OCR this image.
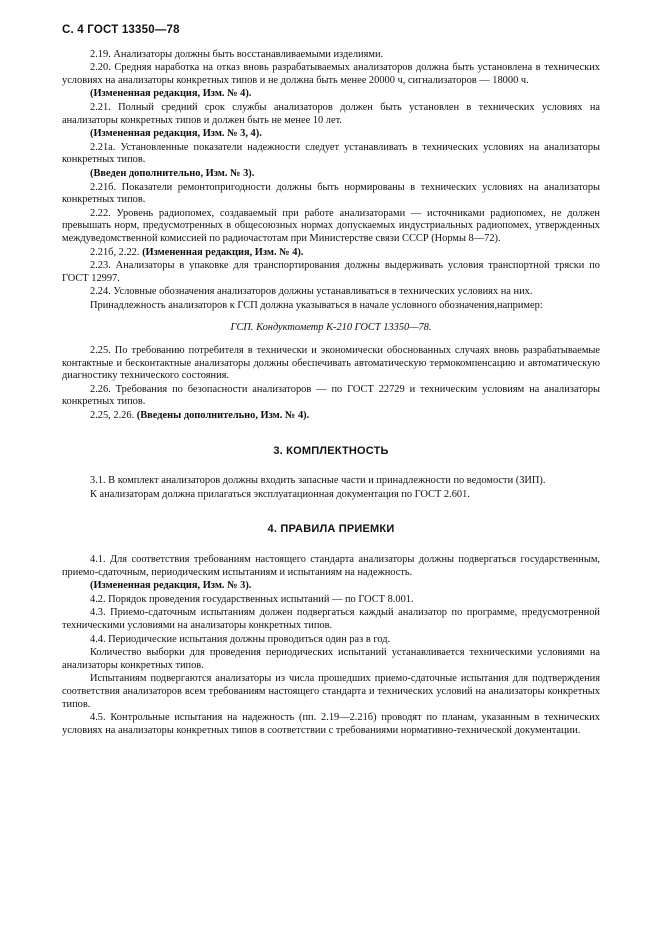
С. 4 ГОСТ 13350—78
2.19. Анализаторы должны быть восстанавливаемыми изделиями.
2.20. Средняя наработка на отказ вновь разрабатываемых анализаторов должна быть установлена в технических условиях на анализаторы конкретных типов и не должна быть менее 20000 ч, сигнализаторов — 18000 ч.
(Измененная редакция, Изм. № 4).
2.21. Полный средний срок службы анализаторов должен быть установлен в технических условиях на анализаторы конкретных типов и должен быть не менее 10 лет.
(Измененная редакция, Изм. № 3, 4).
2.21а. Установленные показатели надежности следует устанавливать в технических условиях на анализаторы конкретных типов.
(Введен дополнительно, Изм. № 3).
2.21б. Показатели ремонтопригодности должны быть нормированы в технических условиях на анализаторы конкретных типов.
2.22. Уровень радиопомех, создаваемый при работе анализаторами — источниками радиопомех, не должен превышать норм, предусмотренных в общесоюзных нормах допускаемых индустриальных радиопомех, утвержденных междуведомственной комиссией по радиочастотам при Министерстве связи СССР (Нормы 8—72).
2.21б, 2.22. (Измененная редакция, Изм. № 4).
2.23. Анализаторы в упаковке для транспортирования должны выдерживать условия транспортной тряски по ГОСТ 12997.
2.24. Условные обозначения анализаторов должны устанавливаться в технических условиях на них.
Принадлежность анализаторов к ГСП должна указываться в начале условного обозначения,например:
ГСП. Кондуктометр К-210 ГОСТ 13350—78.
2.25. По требованию потребителя в технически и экономически обоснованных случаях вновь разрабатываемые контактные и бесконтактные анализаторы должны обеспечивать автоматическую термокомпенсацию и автоматическую диагностику технического состояния.
2.26. Требования по безопасности анализаторов — по ГОСТ 22729 и техническим условиям на анализаторы конкретных типов.
2.25, 2.26. (Введены дополнительно, Изм. № 4).
3. КОМПЛЕКТНОСТЬ
3.1. В комплект анализаторов должны входить запасные части и принадлежности по ведомости (ЗИП).
К анализаторам должна прилагаться эксплуатационная документация по ГОСТ 2.601.
4. ПРАВИЛА ПРИЕМКИ
4.1. Для соответствия требованиям настоящего стандарта анализаторы должны подвергаться государственным, приемо-сдаточным, периодическим испытаниям и испытаниям на надежность.
(Измененная редакция, Изм. № 3).
4.2. Порядок проведения государственных испытаний — по ГОСТ 8.001.
4.3. Приемо-сдаточным испытаниям должен подвергаться каждый анализатор по программе, предусмотренной техническими условиями на анализаторы конкретных типов.
4.4. Периодические испытания должны проводиться один раз в год.
Количество выборки для проведения периодических испытаний устанавливается техническими условиями на анализаторы конкретных типов.
Испытаниям подвергаются анализаторы из числа прошедших приемо-сдаточные испытания для подтверждения соответствия анализаторов всем требованиям настоящего стандарта и технических условий на анализаторы конкретных типов.
4.5. Контрольные испытания на надежность (пп. 2.19—2.21б) проводят по планам, указанным в технических условиях на анализаторы конкретных типов в соответствии с требованиями нормативно-технической документации.
